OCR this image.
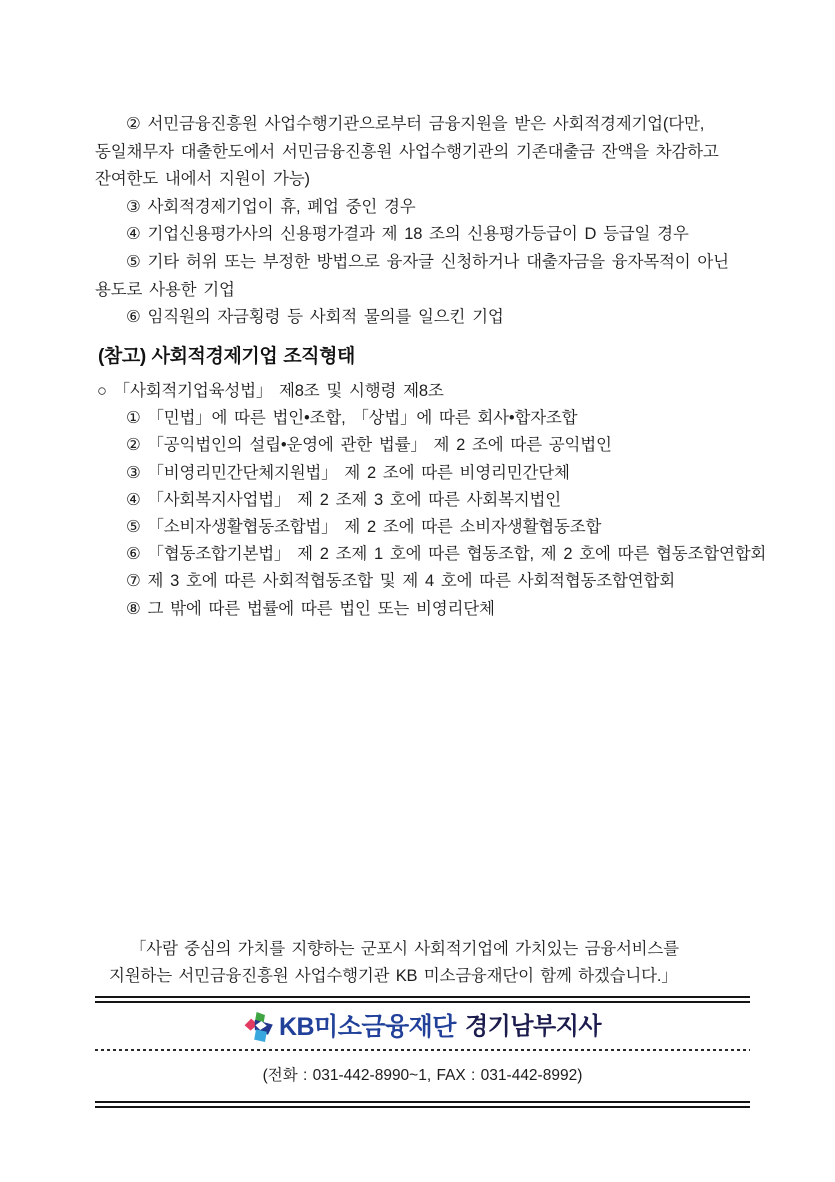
② 서민금융진흥원 사업수행기관으로부터 금융지원을 받은 사회적경제기업(다만,
동일채무자 대출한도에서 서민금융진흥원 사업수행기관의 기존대출금 잔액을 차감하고
잔여한도 내에서 지원이 가능)
③ 사회적경제기업이 휴, 폐업 중인 경우
④ 기업신용평가사의 신용평가결과 제 18 조의 신용평가등급이 D 등급일 경우
⑤ 기타 허위 또는 부정한 방법으로 융자글 신청하거나 대출자금을 융자목적이 아닌
용도로 사용한 기업
⑥ 임직원의 자금횡령 등 사회적 물의를 일으킨 기업
(참고) 사회적경제기업 조직형태
○ 「사회적기업육성법」 제8조 및 시행령 제8조
① 「민법」에 따른 법인•조합, 「상법」에 따른 회사•합자조합
② 「공익법인의 설립•운영에 관한 법률」 제 2 조에 따른 공익법인
③ 「비영리민간단체지원법」 제 2 조에 따른 비영리민간단체
④ 「사회복지사업법」 제 2 조제 3 호에 따른 사회복지법인
⑤ 「소비자생활협동조합법」 제 2 조에 따른 소비자생활협동조합
⑥ 「협동조합기본법」 제 2 조제 1 호에 따른 협동조합, 제 2 호에 따른 협동조합연합회
⑦ 제 3 호에 따른 사회적협동조합 및 제 4 호에 따른 사회적협동조합연합회
⑧ 그 밖에 따른 법률에 따른 법인 또는 비영리단체
「사람 중심의 가치를 지향하는 군포시 사회적기업에 가치있는 금융서비스를
지원하는 서민금융진흥원 사업수행기관 KB 미소금융재단이 함께 하겠습니다.」
KB미소금융재단 경기남부지사
(전화 : 031-442-8990~1, FAX : 031-442-8992)
